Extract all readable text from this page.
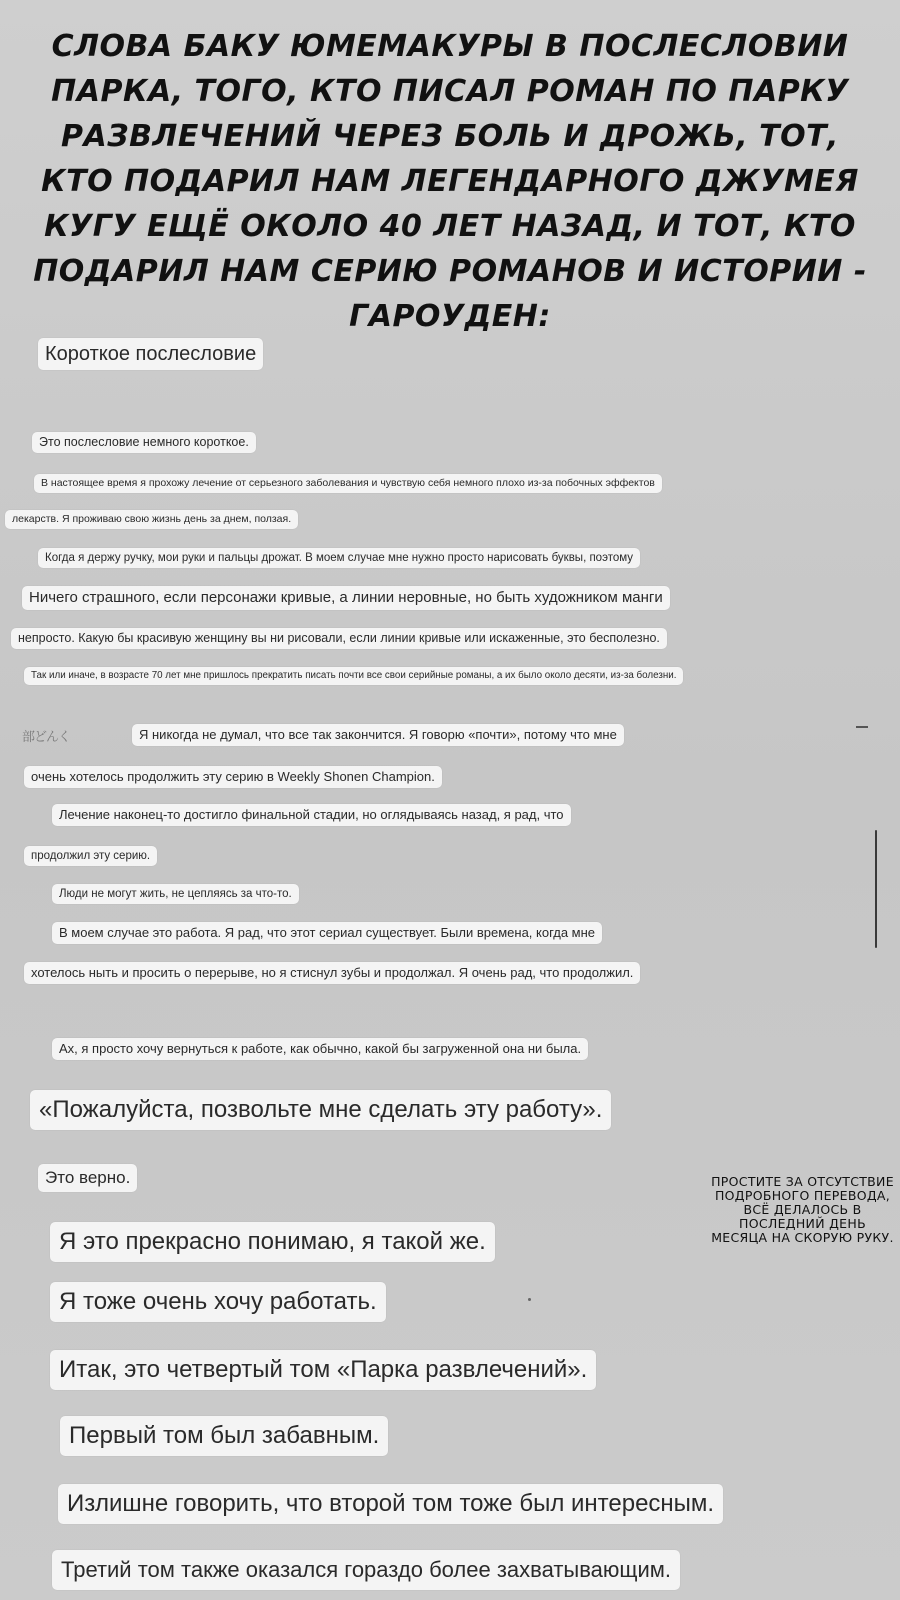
СЛОВА БАКУ ЮМЕМАКУРЫ В ПОСЛЕСЛОВИИ ПАРКА, ТОГО, КТО ПИСАЛ РОМАН ПО ПАРКУ РАЗВЛЕЧЕНИЙ ЧЕРЕЗ БОЛЬ И ДРОЖЬ, ТОТ, КТО ПОДАРИЛ НАМ ЛЕГЕНДАРНОГО ДЖУМЕЯ КУГУ ЕЩЁ ОКОЛО 40 ЛЕТ НАЗАД, И ТОТ, КТО ПОДАРИЛ НАМ СЕРИЮ РОМАНОВ И ИСТОРИИ - ГАРОУДЕН:
Короткое послесловие
Это послесловие немного короткое.
В настоящее время я прохожу лечение от серьезного заболевания и чувствую себя немного плохо из-за побочных эффектов
лекарств. Я проживаю свою жизнь день за днем, ползая.
Когда я держу ручку, мои руки и пальцы дрожат. В моем случае мне нужно просто нарисовать буквы, поэтому
Ничего страшного, если персонажи кривые, а линии неровные, но быть художником манги
непросто. Какую бы красивую женщину вы ни рисовали, если линии кривые или искаженные, это бесполезно.
Так или иначе, в возрасте 70 лет мне пришлось прекратить писать почти все свои серийные романы, а их было около десяти, из-за болезни.
部どんく	Я никогда не думал, что все так закончится. Я говорю «почти», потому что мне
очень хотелось продолжить эту серию в Weekly Shonen Champion.
Лечение наконец-то достигло финальной стадии, но оглядываясь назад, я рад, что
продолжил эту серию.
Люди не могут жить, не цепляясь за что-то.
В моем случае это работа. Я рад, что этот сериал существует. Были времена, когда мне
хотелось ныть и просить о перерыве, но я стиснул зубы и продолжал. Я очень рад, что продолжил.
Ах, я просто хочу вернуться к работе, как обычно, какой бы загруженной она ни была.
«Пожалуйста, позвольте мне сделать эту работу».
Это верно.
Я это прекрасно понимаю, я такой же.
Я тоже очень хочу работать.
Итак, это четвертый том «Парка развлечений».
Первый том был забавным.
Излишне говорить, что второй том тоже был интересным.
Третий том также оказался гораздо более захватывающим.
ПРОСТИТЕ ЗА ОТСУТСТВИЕ ПОДРОБНОГО ПЕРЕВОДА, ВСЁ ДЕЛАЛОСЬ В ПОСЛЕДНИЙ ДЕНЬ МЕСЯЦА НА СКОРУЮ РУКУ.
